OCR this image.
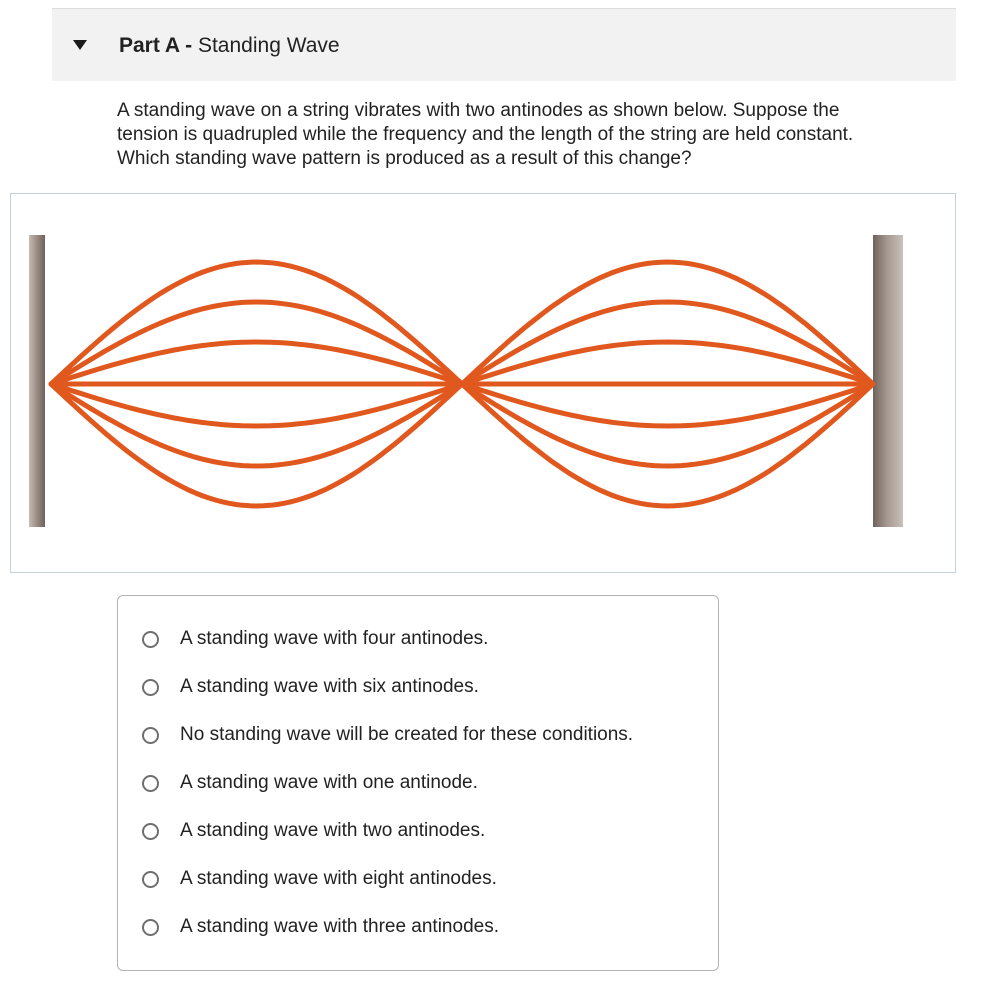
Part A - Standing Wave

A standing wave on a string vibrates with two antinodes as shown below. Suppose the

tension is quadrupled while the frequency and the length of the string are held constant.

Which standing wave pattern is produced as a result of this change?

A standing wave with four antinodes.
A standing wave with six antinodes.
No standing wave will be created for these conditions.
A standing wave with one antinode.
A standing wave with two antinodes.
A standing wave with eight antinodes.
A standing wave with three antinodes.
